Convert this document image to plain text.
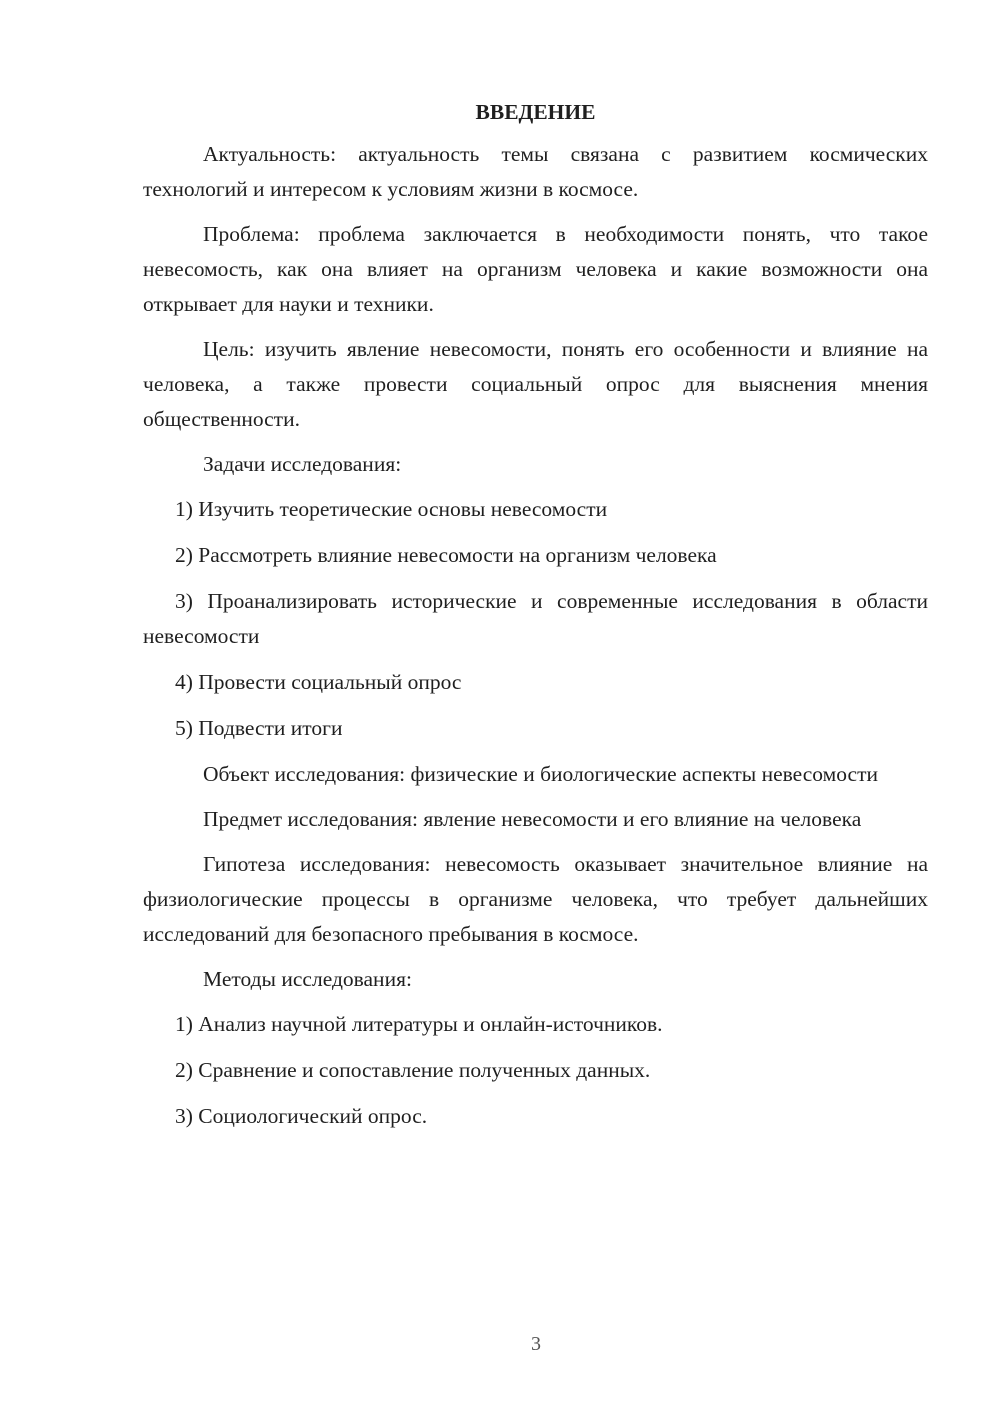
ВВЕДЕНИЕ

Актуальность: актуальность темы связана с развитием космических технологий и интересом к условиям жизни в космосе.

Проблема: проблема заключается в необходимости понять, что такое невесомость, как она влияет на организм человека и какие возможности она открывает для науки и техники.

Цель: изучить явление невесомости, понять его особенности и влияние на человека, а также провести социальный опрос для выяснения мнения общественности.

Задачи исследования:

1) Изучить теоретические основы невесомости

2) Рассмотреть влияние невесомости на организм человека

3) Проанализировать исторические и современные исследования в области невесомости

4) Провести социальный опрос

5) Подвести итоги

Объект исследования: физические и биологические аспекты невесомости

Предмет исследования: явление невесомости и его влияние на человека

Гипотеза исследования: невесомость оказывает значительное влияние на физиологические процессы в организме человека, что требует дальнейших исследований для безопасного пребывания в космосе.

Методы исследования:

1) Анализ научной литературы и онлайн-источников.

2) Сравнение и сопоставление полученных данных.

3) Социологический опрос.

3
